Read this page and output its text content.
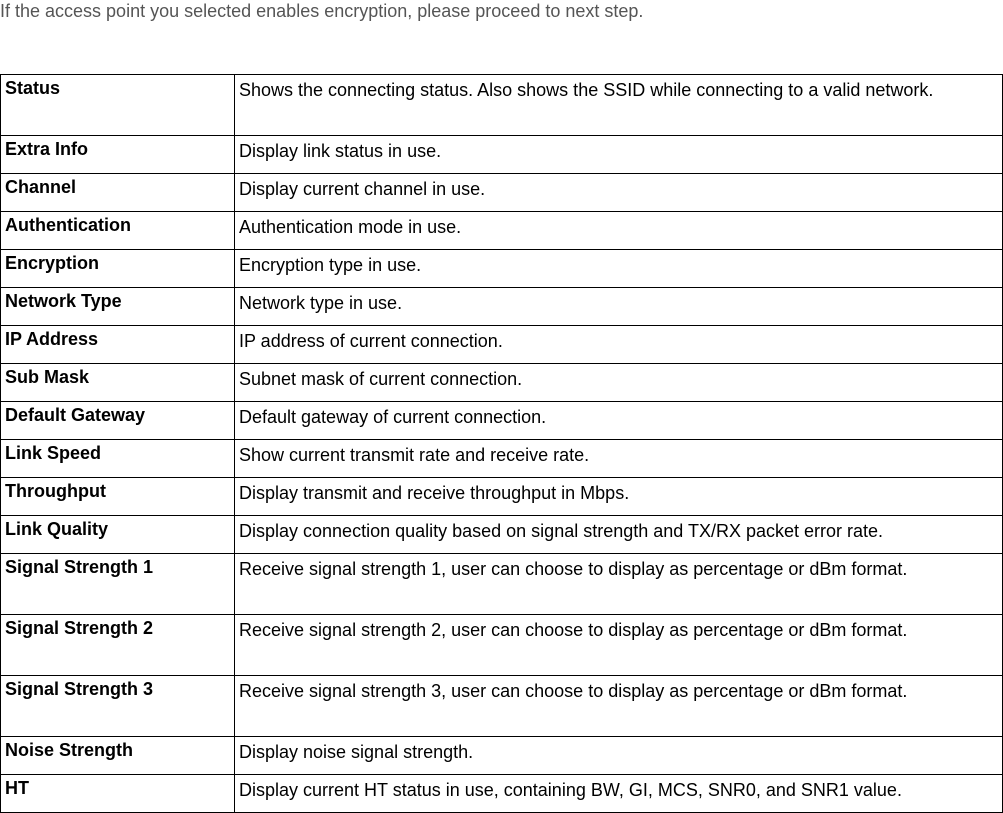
If the access point you selected enables encryption, please proceed to next step.
Status	Shows the connecting status. Also shows the SSID while connecting to a valid network.
Extra Info	Display link status in use.
Channel	Display current channel in use.
Authentication	Authentication mode in use.
Encryption	Encryption type in use.
Network Type	Network type in use.
IP Address	IP address of current connection.
Sub Mask	Subnet mask of current connection.
Default Gateway	Default gateway of current connection.
Link Speed	Show current transmit rate and receive rate.
Throughput	Display transmit and receive throughput in Mbps.
Link Quality	Display connection quality based on signal strength and TX/RX packet error rate.
Signal Strength 1	Receive signal strength 1, user can choose to display as percentage or dBm format.
Signal Strength 2	Receive signal strength 2, user can choose to display as percentage or dBm format.
Signal Strength 3	Receive signal strength 3, user can choose to display as percentage or dBm format.
Noise Strength	Display noise signal strength.
HT	Display current HT status in use, containing BW, GI, MCS, SNR0, and SNR1 value.
